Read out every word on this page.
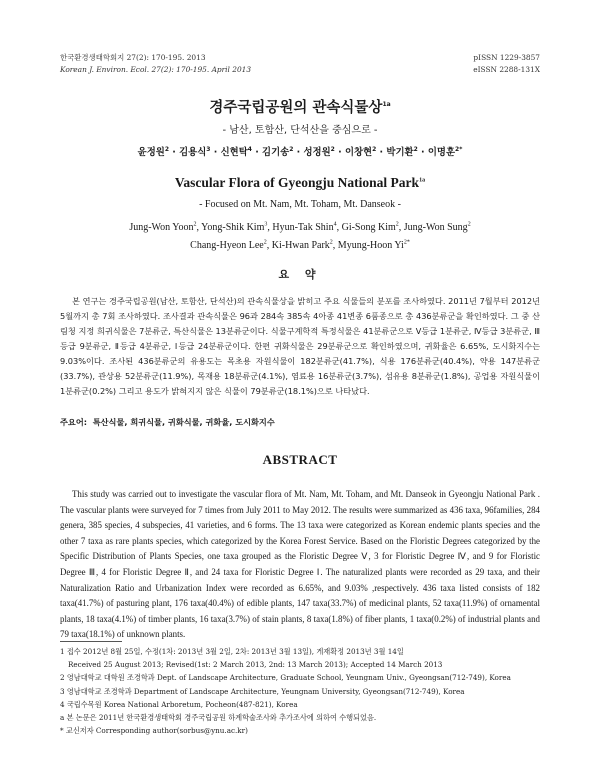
한국환경생태학회지 27(2): 170-195. 2013
Korean J. Environ. Ecol. 27(2): 170-195. April 2013
pISSN 1229-3857
eISSN 2288-131X
경주국립공원의 관속식물상$^{1a}$
- 남산, 토함산, 단석산을 중심으로 -
윤정원$^2$ · 김용식$^3$ · 신현탁$^4$ · 김기송$^2$ · 성정원$^2$ · 이창현$^2$ · 박기환$^2$ · 이명훈$^{2*}$
Vascular Flora of Gyeongju National Park$^{1a}$
- Focused on Mt. Nam, Mt. Toham, Mt. Danseok -
Jung-Won Yoon$^2$, Yong-Shik Kim$^3$, Hyun-Tak Shin$^4$, Gi-Song Kim$^2$, Jung-Won Sung$^2$
Chang-Hyeon Lee$^2$, Ki-Hwan Park$^2$, Myung-Hoon $Yi^{2*}$
요 약
본 연구는 경주국립공원(남산, 토함산, 단석산)의 관속식물상을 밝히고 주요 식물들의 분포를 조사하였다. 2011년 7월부터 2012년 5월까지 총 7회 조사하였다. 조사결과 관속식물은 96과 284속 385속 4아종 41변종 6품종으로 총 436분류군을 확인하였다. 그 중 산림청 지정 희귀식물은 7분류군, 특산식물은 13분류군이다. 식물구계학적 특정식물은 41분류군으로 Ⅴ등급 1분류군, Ⅳ등급 3분류군, Ⅲ등급 9분류군, Ⅱ등급 4분류군, Ⅰ등급 24분류군이다. 한편 귀화식물은 29분류군으로 확인하였으며, 귀화율은 6.65%, 도시화지수는 9.03%이다. 조사된 436분류군의 유용도는 목초용 자원식물이 182분류군(41.7%), 식용 176분류군(40.4%), 약용 147분류군(33.7%), 관상용 52분류군(11.9%), 목재용 18분류군(4.1%), 염료용 16분류군(3.7%), 섬유용 8분류군(1.8%), 공업용 자원식물이 1분류군(0.2%) 그리고 용도가 밝혀지지 않은 식물이 79분류군(18.1%)으로 나타났다.
주요어: 특산식물, 희귀식물, 귀화식물, 귀화율, 도시화지수
ABSTRACT
This study was carried out to investigate the vascular flora of Mt. Nam, Mt. Toham, and Mt. Danseok in Gyeongju National Park . The vascular plants were surveyed for 7 times from July 2011 to May 2012. The results were summarized as 436 taxa, 96families, 284 genera, 385 species, 4 subspecies, 41 varieties, and 6 forms. The 13 taxa were categorized as Korean endemic plants species and the other 7 taxa as rare plants species, which categorized by the Korea Forest Service. Based on the Floristic Degrees categorized by the Specific Distribution of Plants Species, one taxa grouped as the Floristic Degree Ⅴ, 3 for Floristic Degree Ⅳ, and 9 for Floristic Degree Ⅲ, 4 for Floristic Degree Ⅱ, and 24 taxa for Floristic Degree Ⅰ. The naturalized plants were recorded as 29 taxa, and their Naturalization Ratio and Urbanization Index were recorded as 6.65%, and 9.03% ,respectively. 436 taxa listed consists of 182 taxa(41.7%) of pasturing plant, 176 taxa(40.4%) of edible plants, 147 taxa(33.7%) of medicinal plants, 52 taxa(11.9%) of ornamental plants, 18 taxa(4.1%) of timber plants, 16 taxa(3.7%) of stain plants, 8 taxa(1.8%) of fiber plants, 1 taxa(0.2%) of industrial plants and 79 taxa(18.1%) of unknown plants.
1 접수 2012년 8월 25일, 수정(1차: 2013년 3월 2일, 2차: 2013년 3월 13일), 게재확정 2013년 3월 14일
Received 25 August 2013; Revised(1st: 2 March 2013, 2nd: 13 March 2013); Accepted 14 March 2013
2 영남대학교 대학원 조경학과 Dept. of Landscape Architecture, Graduate School, Yeungnam Univ., Gyeongsan(712-749), Korea
3 영남대학교 조경학과 Department of Landscape Architecture, Yeungnam University, Gyeongsan(712-749), Korea
4 국립수목원 Korea National Arboretum, Pocheon(487-821), Korea
a 본 논문은 2011년 한국환경생태학회 경주국립공원 하계학술조사와 추가조사에 의하여 수행되었음.
* 교신저자 Corresponding author(sorbus@ynu.ac.kr)
